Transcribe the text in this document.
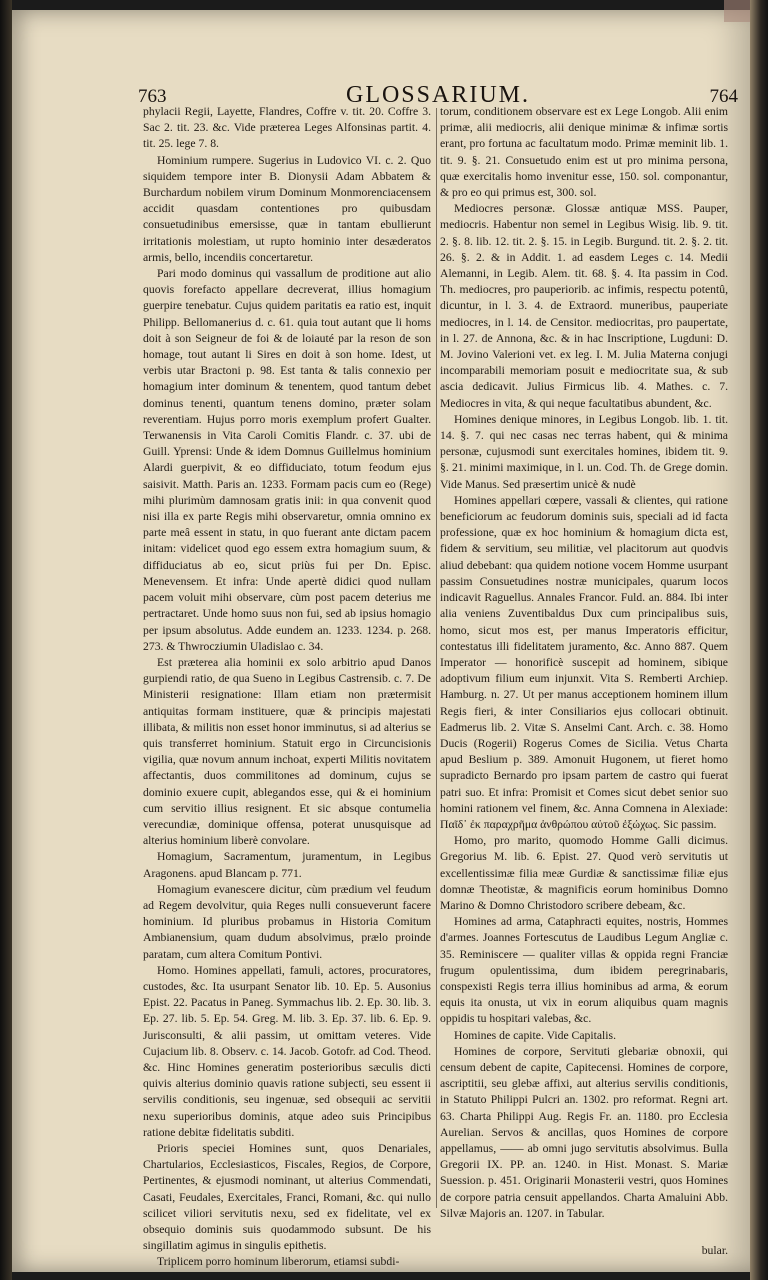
763	GLOSSARIUM.	764

phylacii Regii, Layette, Flandres, Coffre v. tit. 20. Coffre 3. Sac 2. tit. 23. &c. Vide præterea Leges Alfonsinas partit. 4. tit. 25. lege 7. 8.

Hominium rumpere. Sugerius in Ludovico VI. c. 2. Quo siquidem tempore inter B. Dionysii Adam Abbatem & Burchardum nobilem virum Dominum Monmorenciacensem accidit quasdam contentiones pro quibusdam consuetudinibus emersisse, quæ in tantam ebullierunt irritationis molestiam, ut rupto hominio inter desæderatos armis, bello, incendiis concertaretur.

Pari modo dominus qui vassallum de proditione aut alio quovis forefacto appellare decreverat, illius homagium guerpire tenebatur. Cujus quidem paritatis ea ratio est, inquit Philipp. Bellomanerius d. c. 61. quia tout autant que li homs doit à son Seigneur de foi & de loiauté par la reson de son homage, tout autant li Sires en doit à son home. Idest, ut verbis utar Bractoni p. 98. Est tanta & talis connexio per homagium inter dominum & tenentem, quod tantum debet dominus tenenti, quantum tenens domino, præter solam reverentiam. Hujus porro moris exemplum profert Gualter. Terwanensis in Vita Caroli Comitis Flandr. c. 37. ubi de Guill. Yprensi: Unde & idem Domnus Guillelmus hominium Alardi guerpivit, & eo diffiduciato, totum feodum ejus saisivit. Matth. Paris an. 1233. Formam pacis cum eo (Rege) mihi plurimùm damnosam gratis inii: in qua convenit quod nisi illa ex parte Regis mihi observaretur, omnia omnino ex parte meâ essent in statu, in quo fuerant ante dictam pacem initam: videlicet quod ego essem extra homagium suum, & diffiduciatus ab eo, sicut priùs fui per Dn. Episc. Menevensem. Et infra: Unde apertè didici quod nullam pacem voluit mihi observare, cùm post pacem deterius me pertractaret. Unde homo suus non fui, sed ab ipsius homagio per ipsum absolutus. Adde eundem an. 1233. 1234. p. 268. 273. & Thwrocziumin Uladislao c. 34.

Est præterea alia hominii ex solo arbitrio apud Danos gurpiendi ratio, de qua Sueno in Legibus Castrensib. c. 7. De Ministerii resignatione: Illam etiam non prætermisit antiquitas formam instituere, quæ & principis majestati illibata, & militis non esset honor imminutus, si ad alterius se quis transferret hominium. Statuit ergo in Circuncisionis vigilia, quæ novum annum inchoat, experti Militis novitatem affectantis, duos commilitones ad dominum, cujus se dominio exuere cupit, ablegandos esse, qui & ei hominium cum servitio illius resignent. Et sic absque contumelia verecundiæ, dominique offensa, poterat unusquisque ad alterius hominium liberè convolare.

Homagium, Sacramentum, juramentum, in Legibus Aragonens. apud Blancam p. 771.

Homagium evanescere dicitur, cùm prædium vel feudum ad Regem devolvitur, quia Reges nulli consueverunt facere hominium. Id pluribus probamus in Historia Comitum Ambianensium, quam dudum absolvimus, prælo proinde paratam, cum altera Comitum Pontivi.

Homo. Homines appellati, famuli, actores, procuratores, custodes, &c. Ita usurpant Senator lib. 10. Ep. 5. Ausonius Epist. 22. Pacatus in Paneg. Symmachus lib. 2. Ep. 30. lib. 3. Ep. 27. lib. 5. Ep. 54. Greg. M. lib. 3. Ep. 37. lib. 6. Ep. 9. Jurisconsulti, & alii passim, ut omittam veteres. Vide Cujacium lib. 8. Observ. c. 14. Jacob. Gotofr. ad Cod. Theod. &c. Hinc Homines generatim posterioribus sæculis dicti quivis alterius dominio quavis ratione subjecti, seu essent ii servilis conditionis, seu ingenuæ, sed obsequii ac servitii nexu superioribus dominis, atque adeo suis Principibus ratione debitæ fidelitatis subditi.

Prioris speciei Homines sunt, quos Denariales, Chartularios, Ecclesiasticos, Fiscales, Regios, de Corpore, Pertinentes, & ejusmodi nominant, ut alterius Commendati, Casati, Feudales, Exercitales, Franci, Romani, &c. qui nullo scilicet viliori servitutis nexu, sed ex fidelitate, vel ex obsequio dominis suis quodammodo subsunt. De his singillatim agimus in singulis epithetis.

Triplicem porro hominum liberorum, etiamsi subdi-

torum, conditionem observare est ex Lege Longob. Alii enim primæ, alii mediocris, alii denique minimæ & infimæ sortis erant, pro fortuna ac facultatum modo. Primæ meminit lib. 1. tit. 9. §. 21. Consuetudo enim est ut pro minima persona, quæ exercitalis homo invenitur esse, 150. sol. componantur, & pro eo qui primus est, 300. sol.

Mediocres personæ. Glossæ antiquæ MSS. Pauper, mediocris. Habentur non semel in Legibus Wisig. lib. 9. tit. 2. §. 8. lib. 12. tit. 2. §. 15. in Legib. Burgund. tit. 2. §. 2. tit. 26. §. 2. & in Addit. 1. ad easdem Leges c. 14. Medii Alemanni, in Legib. Alem. tit. 68. §. 4. Ita passim in Cod. Th. mediocres, pro pauperiorib. ac infimis, respectu potentû, dicuntur, in l. 3. 4. de Extraord. muneribus, pauperiate mediocres, in l. 14. de Censitor. mediocritas, pro paupertate, in l. 27. de Annona, &c. & in hac Inscriptione, Lugduni: D. M. Jovino Valerioni vet. ex leg. I. M. Julia Materna conjugi incomparabili memoriam posuit e mediocritate sua, & sub ascia dedicavit. Julius Firmicus lib. 4. Mathes. c. 7. Mediocres in vita, & qui neque facultatibus abundent, &c.

Homines denique minores, in Legibus Longob. lib. 1. tit. 14. §. 7. qui nec casas nec terras habent, qui & minima personæ, cujusmodi sunt exercitales homines, ibidem tit. 9. §. 21. minimi maximique, in l. un. Cod. Th. de Grege domin. Vide Manus. Sed præsertim unicè & nudè

Homines appellari cœpere, vassali & clientes, qui ratione beneficiorum ac feudorum dominis suis, speciali ad id facta professione, quæ ex hoc hominium & homagium dicta est, fidem & servitium, seu militiæ, vel placitorum aut quodvis aliud debebant: qua quidem notione vocem Homme usurpant passim Consuetudines nostræ municipales, quarum locos indicavit Raguellus. Annales Francor. Fuld. an. 884. Ibi inter alia veniens Zuventibaldus Dux cum principalibus suis, homo, sicut mos est, per manus Imperatoris efficitur, contestatus illi fidelitatem juramento, &c. Anno 887. Quem Imperator — honorificè suscepit ad hominem, sibique adoptivum filium eum injunxit. Vita S. Remberti Archiep. Hamburg. n. 27. Ut per manus acceptionem hominem illum Regis fieri, & inter Consiliarios ejus collocari obtinuit. Eadmerus lib. 2. Vitæ S. Anselmi Cant. Arch. c. 38. Homo Ducis (Rogerii) Rogerus Comes de Sicilia. Vetus Charta apud Beslium p. 389. Amonuit Hugonem, ut fieret homo supradicto Bernardo pro ipsam partem de castro qui fuerat patri suo. Et infra: Promisit et Comes sicut debet senior suo homini rationem vel finem, &c. Anna Comnena in Alexiade: Παῖδ᾽ ἐκ παραχρῆμα ἀνθρώπου αὐτοῦ ἐξώχως. Sic passim.

Homo, pro marito, quomodo Homme Galli dicimus. Gregorius M. lib. 6. Epist. 27. Quod verò servitutis ut excellentissimæ filia meæ Gurdiæ & sanctissimæ filiæ ejus domnæ Theotistæ, & magnificis eorum hominibus Domno Marino & Domno Christodoro scribere debeam, &c.

Homines ad arma, Cataphracti equites, nostris, Hommes d'armes. Joannes Fortescutus de Laudibus Legum Angliæ c. 35. Reminiscere — qualiter villas & oppida regni Franciæ frugum opulentissima, dum ibidem peregrinabaris, conspexisti Regis terra illius hominibus ad arma, & eorum equis ita onusta, ut vix in eorum aliquibus quam magnis oppidis tu hospitari valebas, &c.

Homines de capite. Vide Capitalis.

Homines de corpore, Servituti glebariæ obnoxii, qui censum debent de capite, Capitecensi. Homines de corpore, ascriptitii, seu glebæ affixi, aut alterius servilis conditionis, in Statuto Philippi Pulcri an. 1302. pro reformat. Regni art. 63. Charta Philippi Aug. Regis Fr. an. 1180. pro Ecclesia Aurelian. Servos & ancillas, quos Homines de corpore appellamus, —— ab omni jugo servitutis absolvimus. Bulla Gregorii IX. PP. an. 1240. in Hist. Monast. S. Mariæ Suession. p. 451. Originarii Monasterii vestri, quos Homines de corpore patria censuit appellandos. Charta Amaluini Abb. Silvæ Majoris an. 1207. in Tabular.

bular.
